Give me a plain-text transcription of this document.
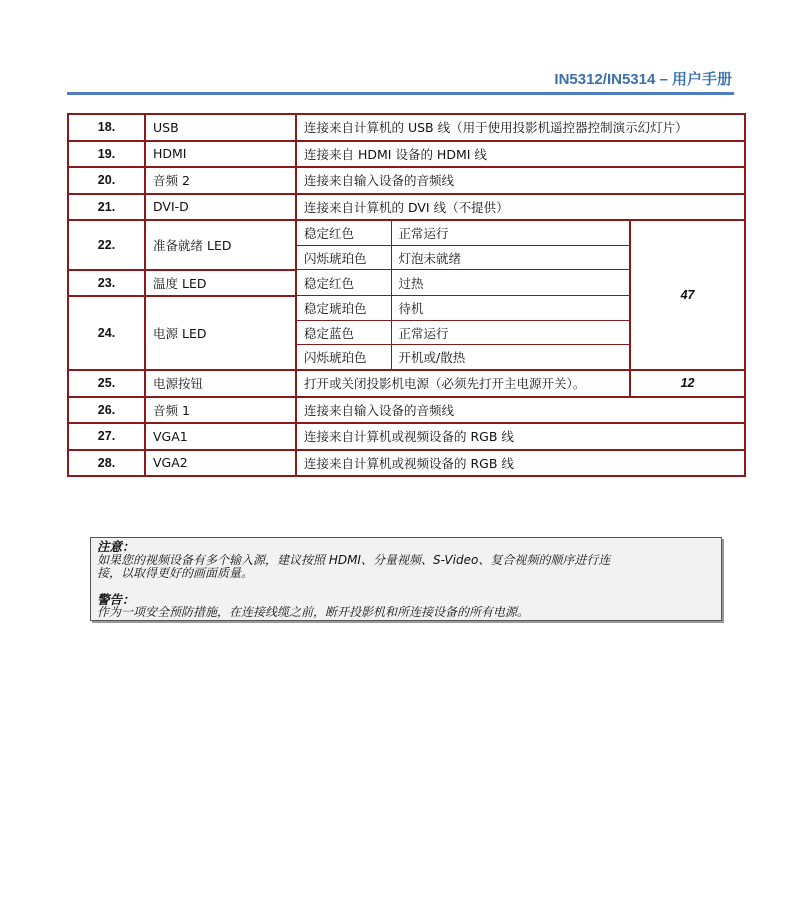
IN5312/IN5314 – 用户手册
18.	USB	连接来自计算机的 USB 线（用于使用投影机遥控器控制演示幻灯片）		
19.	HDMI	连接来自 HDMI 设备的 HDMI 线		
20.	音频 2	连接来自输入设备的音频线		
21.	DVI-D	连接来自计算机的 DVI 线（不提供）		
22.	准备就绪 LED	稳定红色	正常运行	47
		闪烁琥珀色	灯泡未就绪	
23.	温度 LED	稳定红色	过热	
24.	电源 LED	稳定琥珀色	待机	
		稳定蓝色	正常运行	
		闪烁琥珀色	开机或/散热	
25.	电源按钮	打开或关闭投影机电源（必须先打开主电源开关）。		12
26.	音频 1	连接来自输入设备的音频线		
27.	VGA1	连接来自计算机或视频设备的 RGB 线		
28.	VGA2	连接来自计算机或视频设备的 RGB 线		
注意：
如果您的视频设备有多个输入源，建议按照 HDMI、分量视频、S-Video、复合视频的顺序进行连
接，以取得更好的画面质量。
警告：
作为一项安全预防措施，在连接线缆之前，断开投影机和所连接设备的所有电源。
